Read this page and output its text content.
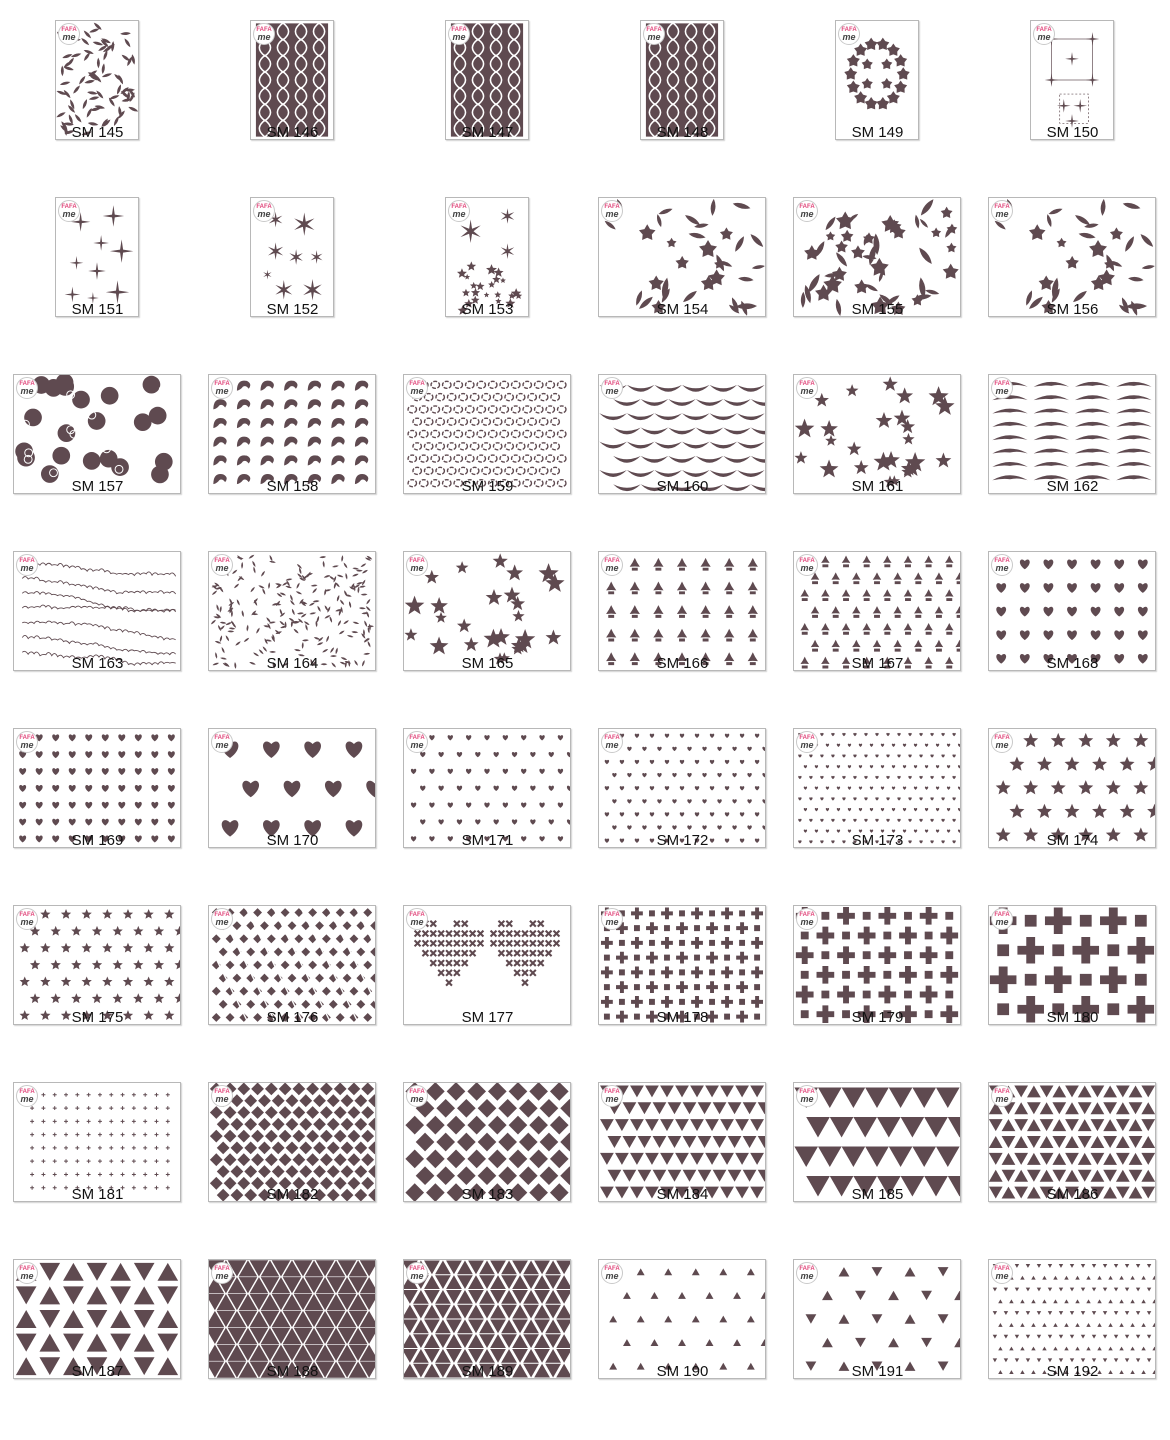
FAFA
me
SM 145
FAFA
me
SM 146
FAFA
me
SM 147
FAFA
me
SM 148
FAFA
me
SM 149
FAFA
me
SM 150
FAFA
me
SM 151
FAFA
me
SM 152
FAFA
me
SM 153
FAFA
me
SM 154
FAFA
me
SM 155
FAFA
me
SM 156
FAFA
me
SM 157
FAFA
me
SM 158
FAFA
me
SM 159
FAFA
me
SM 160
FAFA
me
SM 161
FAFA
me
SM 162
FAFA
me
SM 163
FAFA
me
SM 164
FAFA
me
SM 165
FAFA
me
SM 166
FAFA
me
SM 167
FAFA
me
SM 168
FAFA
me
SM 169
FAFA
me
SM 170
FAFA
me
SM 171
FAFA
me
SM 172
FAFA
me
SM 173
FAFA
me
SM 174
FAFA
me
SM 175
FAFA
me
SM 176
FAFA
me
SM 177
FAFA
me
SM 178
FAFA
me
SM 179
FAFA
me
SM 180
FAFA
me
SM 181
FAFA
me
SM 182
FAFA
me
SM 183
FAFA
me
SM 184
FAFA
me
SM 185
FAFA
me
SM 186
FAFA
me
SM 187
FAFA
me
SM 188
FAFA
me
SM 189
FAFA
me
SM 190
FAFA
me
SM 191
FAFA
me
SM 192
